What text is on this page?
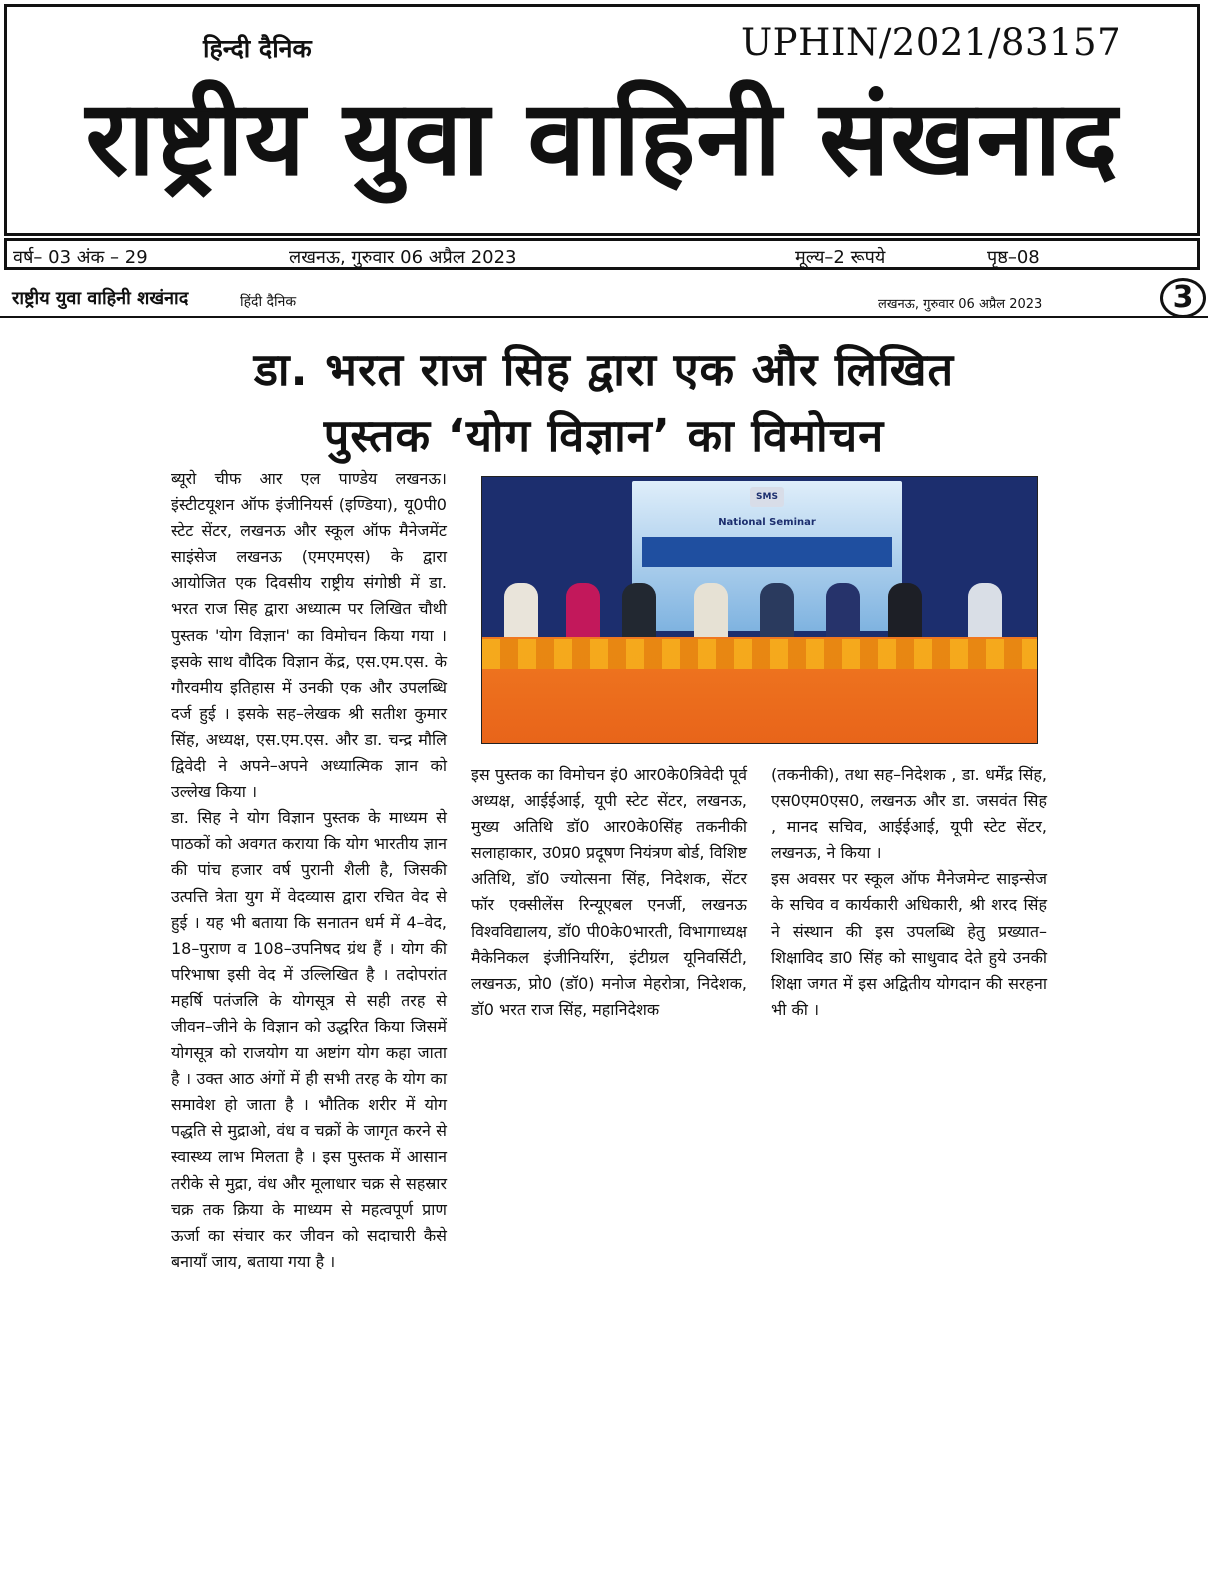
हिन्दी दैनिक	UPHIN/2021/83157
राष्ट्रीय युवा वाहिनी संखनाद
वर्ष– 03 अंक – 29	लखनऊ, गुरुवार 06 अप्रैल 2023	मूल्य–2 रूपये	पृष्ठ–08
राष्ट्रीय युवा वाहिनी शखंनाद	हिंदी दैनिक	लखनऊ, गुरुवार 06 अप्रैल 2023	3
डा. भरत राज सिह द्वारा एक और लिखित
पुस्तक ‘योग विज्ञान’ का विमोचन

ब्यूरो चीफ आर एल पाण्डेय लखनऊ। इंस्टीटयूशन ऑफ इंजीनियर्स (इण्डिया), यू0पी0 स्टेट सेंटर, लखनऊ और स्कूल ऑफ मैनेजमेंट साइंसेज लखनऊ (एमएमएस) के द्वारा आयोजित एक दिवसीय राष्ट्रीय संगोष्ठी में डा. भरत राज सिह द्वारा अध्यात्म पर लिखित चौथी पुस्तक 'योग विज्ञान' का विमोचन किया गया । इसके साथ वौदिक विज्ञान केंद्र, एस.एम.एस. के गौरवमीय इतिहास में उनकी एक और उपलब्धि दर्ज हुई । इसके सह–लेखक श्री सतीश कुमार सिंह, अध्यक्ष, एस.एम.एस. और डा. चन्द्र मौलि द्विवेदी ने अपने–अपने अध्यात्मिक ज्ञान को उल्लेख किया ।

डा. सिह ने योग विज्ञान पुस्तक के माध्यम से पाठकों को अवगत कराया कि योग भारतीय ज्ञान की पांच हजार वर्ष पुरानी शैली है, जिसकी उत्पत्ति त्रेता युग में वेदव्यास द्वारा रचित वेद से हुई । यह भी बताया कि सनातन धर्म में 4–वेद, 18–पुराण व 108–उपनिषद ग्रंथ हैं । योग की परिभाषा इसी वेद में उल्लिखित है । तदोपरांत महर्षि पतंजलि के योगसूत्र से सही तरह से जीवन–जीने के विज्ञान को उद्धरित किया जिसमें योगसूत्र को राजयोग या अष्टांग योग कहा जाता है । उक्त आठ अंगों में ही सभी तरह के योग का समावेश हो जाता है । भौतिक शरीर में योग पद्धति से मुद्राओ, वंध व चक्रों के जागृत करने से स्वास्थ्य लाभ मिलता है । इस पुस्तक में आसान तरीके से मुद्रा, वंध और मूलाधार चक्र से सहस्रार चक्र तक क्रिया के माध्यम से महत्वपूर्ण प्राण ऊर्जा का संचार कर जीवन को सदाचारी कैसे बनायाँ जाय, बताया गया है ।

SMS
National Seminar

इस पुस्तक का विमोचन इं0 आर0के0त्रिवेदी पूर्व अध्यक्ष, आईईआई, यूपी स्टेट सेंटर, लखनऊ, मुख्य अतिथि डॉ0 आर0के0सिंह तकनीकी सलाहाकार, उ0प्र0 प्रदूषण नियंत्रण बोर्ड, विशिष्ट अतिथि, डॉ0 ज्योत्सना सिंह, निदेशक, सेंटर फॉर एक्सीलेंस रिन्यूएबल एनर्जी, लखनऊ विश्वविद्यालय, डॉ0 पी0के0भारती, विभागाध्यक्ष मैकेनिकल इंजीनियरिंग, इंटीग्रल यूनिवर्सिटी, लखनऊ, प्रो0 (डॉ0) मनोज मेहरोत्रा, निदेशक, डॉ0 भरत राज सिंह, महानिदेशक

(तकनीकी), तथा सह–निदेशक , डा. धर्मेंद्र सिंह, एस0एम0एस0, लखनऊ और डा. जसवंत सिह , मानद सचिव, आईईआई, यूपी स्टेट सेंटर, लखनऊ, ने किया ।

इस अवसर पर स्कूल ऑफ मैनेजमेन्ट साइन्सेज के सचिव व कार्यकारी अधिकारी, श्री शरद सिंह ने संस्थान की इस उपलब्धि हेतु प्रख्यात–शिक्षाविद डा0 सिंह को साधुवाद देते हुये उनकी शिक्षा जगत में इस अद्वितीय योगदान की सरहना भी की ।
